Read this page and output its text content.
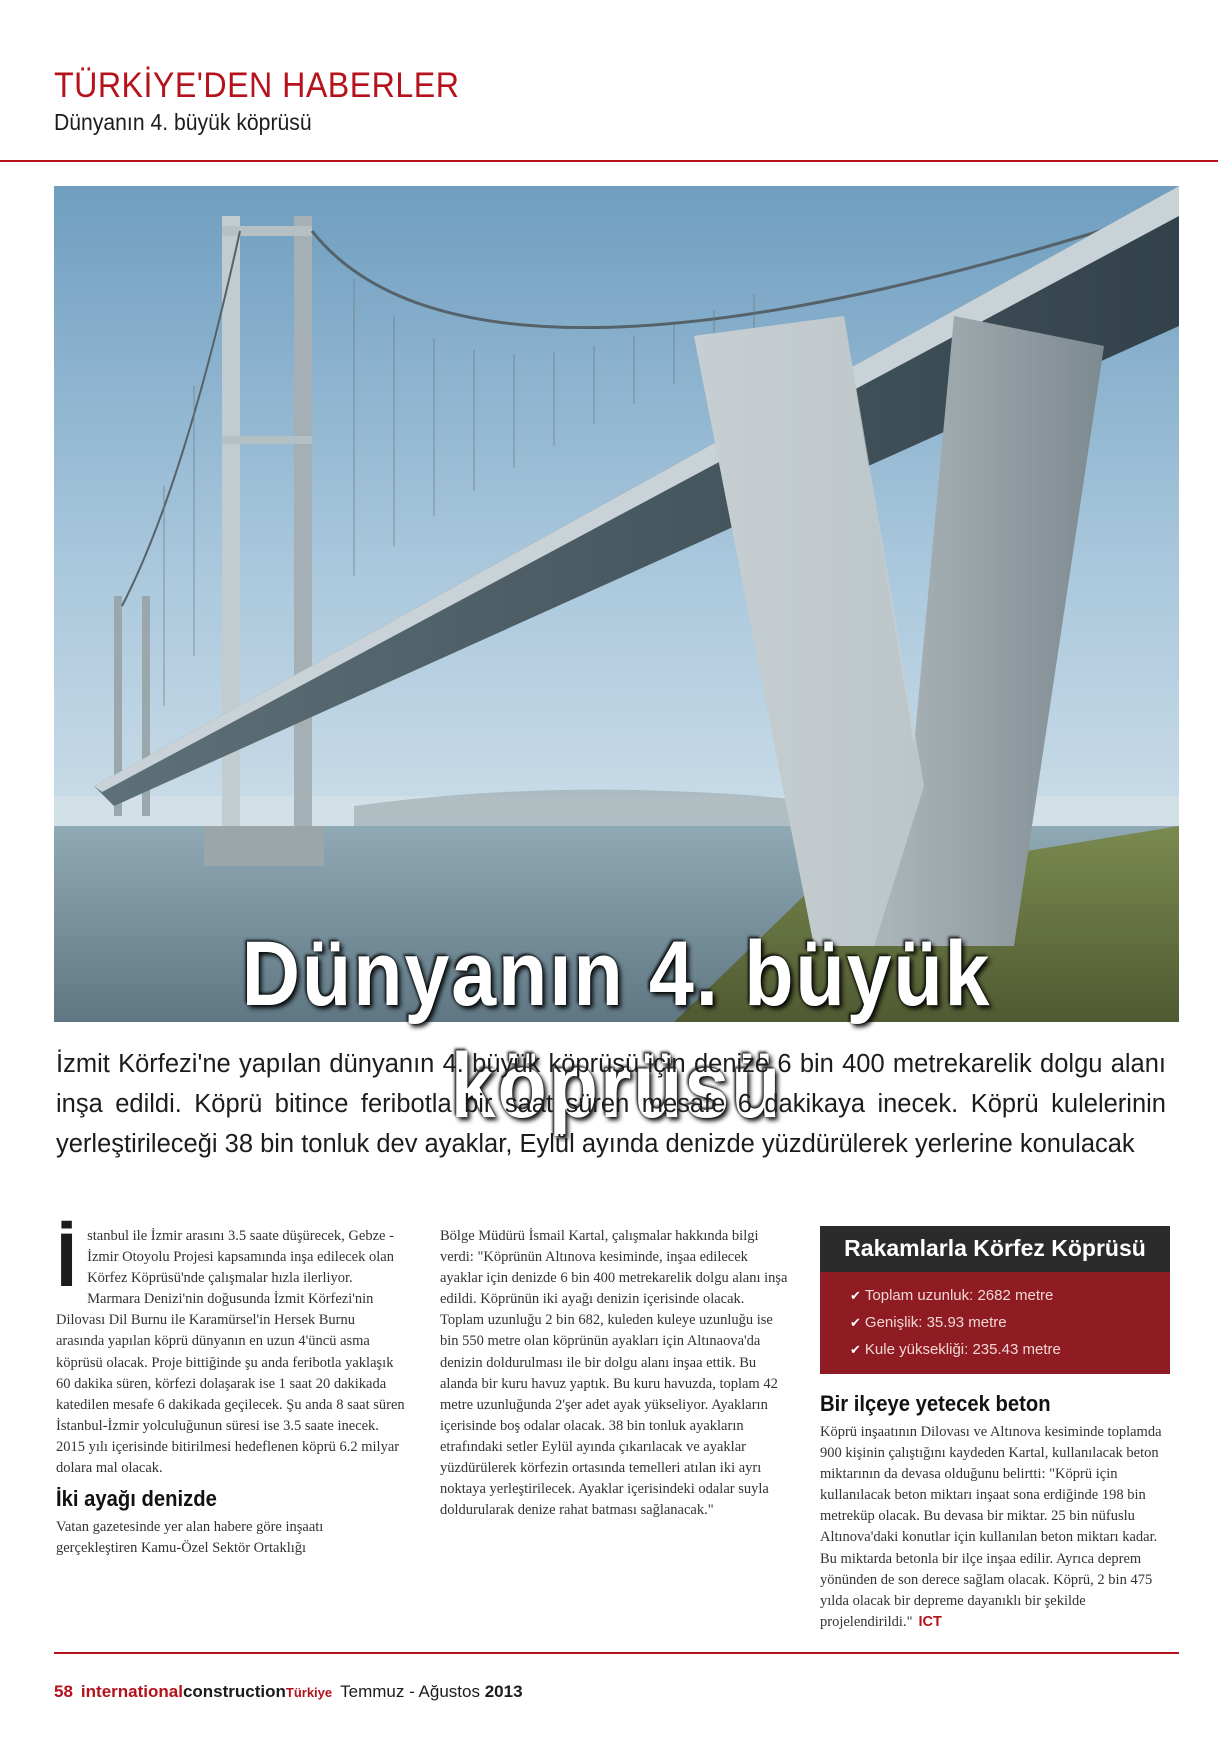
TÜRKİYE'DEN HABERLER
Dünyanın 4. büyük köprüsü
Dünyanın 4. büyük köprüsü
İzmit Körfezi'ne yapılan dünyanın 4. büyük köprüsü için denize 6 bin 400 metrekarelik dolgu alanı inşa edildi. Köprü bitince feribotla bir saat süren mesafe 6 dakikaya inecek. Köprü kulelerinin yerleştirileceği 38 bin tonluk dev ayaklar, Eylül ayında denizde yüzdürülerek yerlerine konulacak
İ stanbul ile İzmir arasını 3.5 saate düşürecek, Gebze - İzmir Otoyolu Projesi kapsamında inşa edilecek olan Körfez Köprüsü'nde çalışmalar hızla ilerliyor. Marmara Denizi'nin doğusunda İzmit Körfezi'nin Dilovası Dil Burnu ile Karamürsel'in Hersek Burnu arasında yapılan köprü dünyanın en uzun 4'üncü asma köprüsü olacak. Proje bittiğinde şu anda feribotla yaklaşık 60 dakika süren, körfezi dolaşarak ise 1 saat 20 dakikada katedilen mesafe 6 dakikada geçilecek. Şu anda 8 saat süren İstanbul-İzmir yolculuğunun süresi ise 3.5 saate inecek. 2015 yılı içerisinde bitirilmesi hedeflenen köprü 6.2 milyar dolara mal olacak.

İki ayağı denizde

Vatan gazetesinde yer alan habere göre inşaatı gerçekleştiren Kamu-Özel Sektör Ortaklığı

Bölge Müdürü İsmail Kartal, çalışmalar hakkında bilgi verdi: "Köprünün Altınova kesiminde, inşaa edilecek ayaklar için denizde 6 bin 400 metrekarelik dolgu alanı inşa edildi. Köprünün iki ayağı denizin içerisinde olacak. Toplam uzunluğu 2 bin 682, kuleden kuleye uzunluğu ise bin 550 metre olan köprünün ayakları için Altınaova'da denizin doldurulması ile bir dolgu alanı inşaa ettik. Bu alanda bir kuru havuz yaptık. Bu kuru havuzda, toplam 42 metre uzunluğunda 2'şer adet ayak yükseliyor. Ayakların içerisinde boş odalar olacak. 38 bin tonluk ayakların etrafındaki setler Eylül ayında çıkarılacak ve ayaklar yüzdürülerek körfezin ortasında temelleri atılan iki ayrı noktaya yerleştirilecek. Ayaklar içerisindeki odalar suyla doldurularak denize rahat batması sağlanacak."

Rakamlarla Körfez Köprüsü
✔ Toplam uzunluk: 2682 metre
✔ Genişlik: 35.93 metre
✔ Kule yüksekliği: 235.43 metre
Bir ilçeye yetecek beton

Köprü inşaatının Dilovası ve Altınova kesiminde toplamda 900 kişinin çalıştığını kaydeden Kartal, kullanılacak beton miktarının da devasa olduğunu belirtti: "Köprü için kullanılacak beton miktarı inşaat sona erdiğinde 198 bin metreküp olacak. Bu devasa bir miktar. 25 bin nüfuslu Altınova'daki konutlar için kullanılan beton miktarı kadar. Bu miktarda betonla bir ilçe inşaa edilir. Ayrıca deprem yönünden de son derece sağlam olacak. Köprü, 2 bin 475 yılda olacak bir depreme dayanıklı bir şekilde projelendirildi." ICT

58 internationalconstructionTürkiye Temmuz - Ağustos 2013
